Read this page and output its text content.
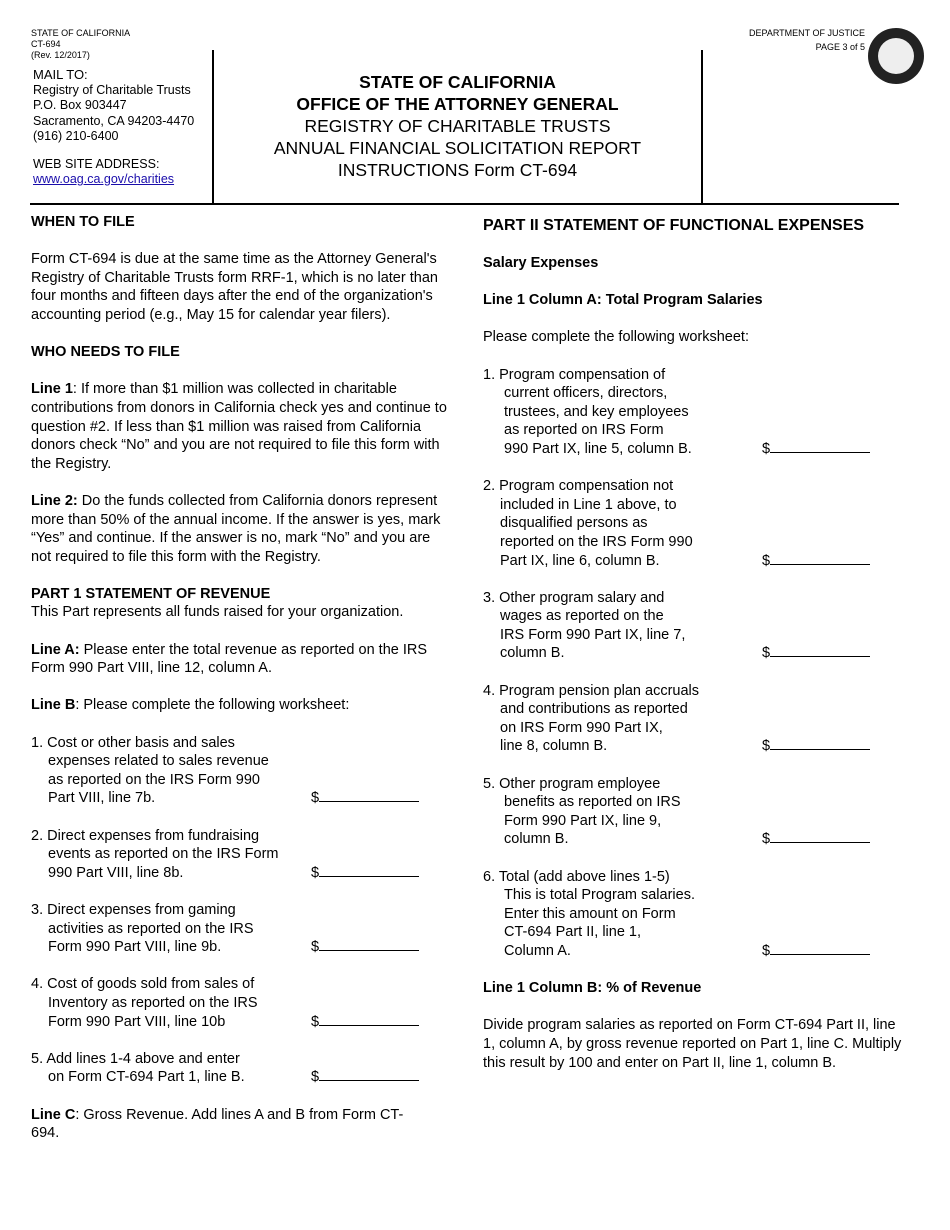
STATE OF CALIFORNIA
CT-694
(Rev. 12/2017)
DEPARTMENT OF JUSTICE
PAGE 3 of 5
MAIL TO:
Registry of Charitable Trusts
P.O. Box 903447
Sacramento, CA 94203-4470
(916) 210-6400
WEB SITE ADDRESS:
www.oag.ca.gov/charities
STATE OF CALIFORNIA
OFFICE OF THE ATTORNEY GENERAL
REGISTRY OF CHARITABLE TRUSTS
ANNUAL FINANCIAL SOLICITATION REPORT
INSTRUCTIONS Form CT-694

WHEN TO FILE

Form CT-694 is due at the same time as the Attorney General's Registry of Charitable Trusts form RRF-1, which is no later than four months and fifteen days after the end of the organization's accounting period (e.g., May 15 for calendar year filers).

WHO NEEDS TO FILE

Line 1: If more than $1 million was collected in charitable contributions from donors in California check yes and continue to question #2. If less than $1 million was raised from California donors check “No” and you are not required to file this form with the Registry.

Line 2: Do the funds collected from California donors represent more than 50% of the annual income. If the answer is yes, mark “Yes” and continue. If the answer is no, mark “No” and you are not required to file this form with the Registry.

PART 1 STATEMENT OF REVENUE

This Part represents all funds raised for your organization.

Line A: Please enter the total revenue as reported on the IRS Form 990 Part VIII, line 12, column A.

Line B: Please complete the following worksheet:

1. Cost or other basis and sales
expenses related to sales revenue
as reported on the IRS Form 990
Part VIII, line 7b.	$
2. Direct expenses from fundraising
events as reported on the IRS Form
990 Part VIII, line 8b.	$
3. Direct expenses from gaming
activities as reported on the IRS
Form 990 Part VIII, line 9b.	$
4. Cost of goods sold from sales of
Inventory as reported on the IRS
Form 990 Part VIII, line 10b	$
5. Add lines 1-4 above and enter
on Form CT-694 Part 1, line B.	$

Line C: Gross Revenue. Add lines A and B from Form CT-694.

PART II STATEMENT OF FUNCTIONAL EXPENSES

Salary Expenses

Line 1 Column A: Total Program Salaries

Please complete the following worksheet:

1. Program compensation of
current officers, directors,
trustees, and key employees
as reported on IRS Form
990 Part IX, line 5, column B.	$
2. Program compensation not
included in Line 1 above, to
disqualified persons as
reported on the IRS Form 990
Part IX, line 6, column B.	$
3. Other program salary and
wages as reported on the
IRS Form 990 Part IX, line 7,
column B.	$
4. Program pension plan accruals
and contributions as reported
on IRS Form 990 Part IX,
line 8, column B.	$
5. Other program employee
benefits as reported on IRS
Form 990 Part IX, line 9,
column B.	$
6. Total (add above lines 1-5)
This is total Program salaries.
Enter this amount on Form
CT-694 Part II, line 1,
Column A.	$

Line 1 Column B: % of Revenue

Divide program salaries as reported on Form CT-694 Part II, line 1, column A, by gross revenue reported on Part 1, line C. Multiply this result by 100 and enter on Part II, line 1, column B.
